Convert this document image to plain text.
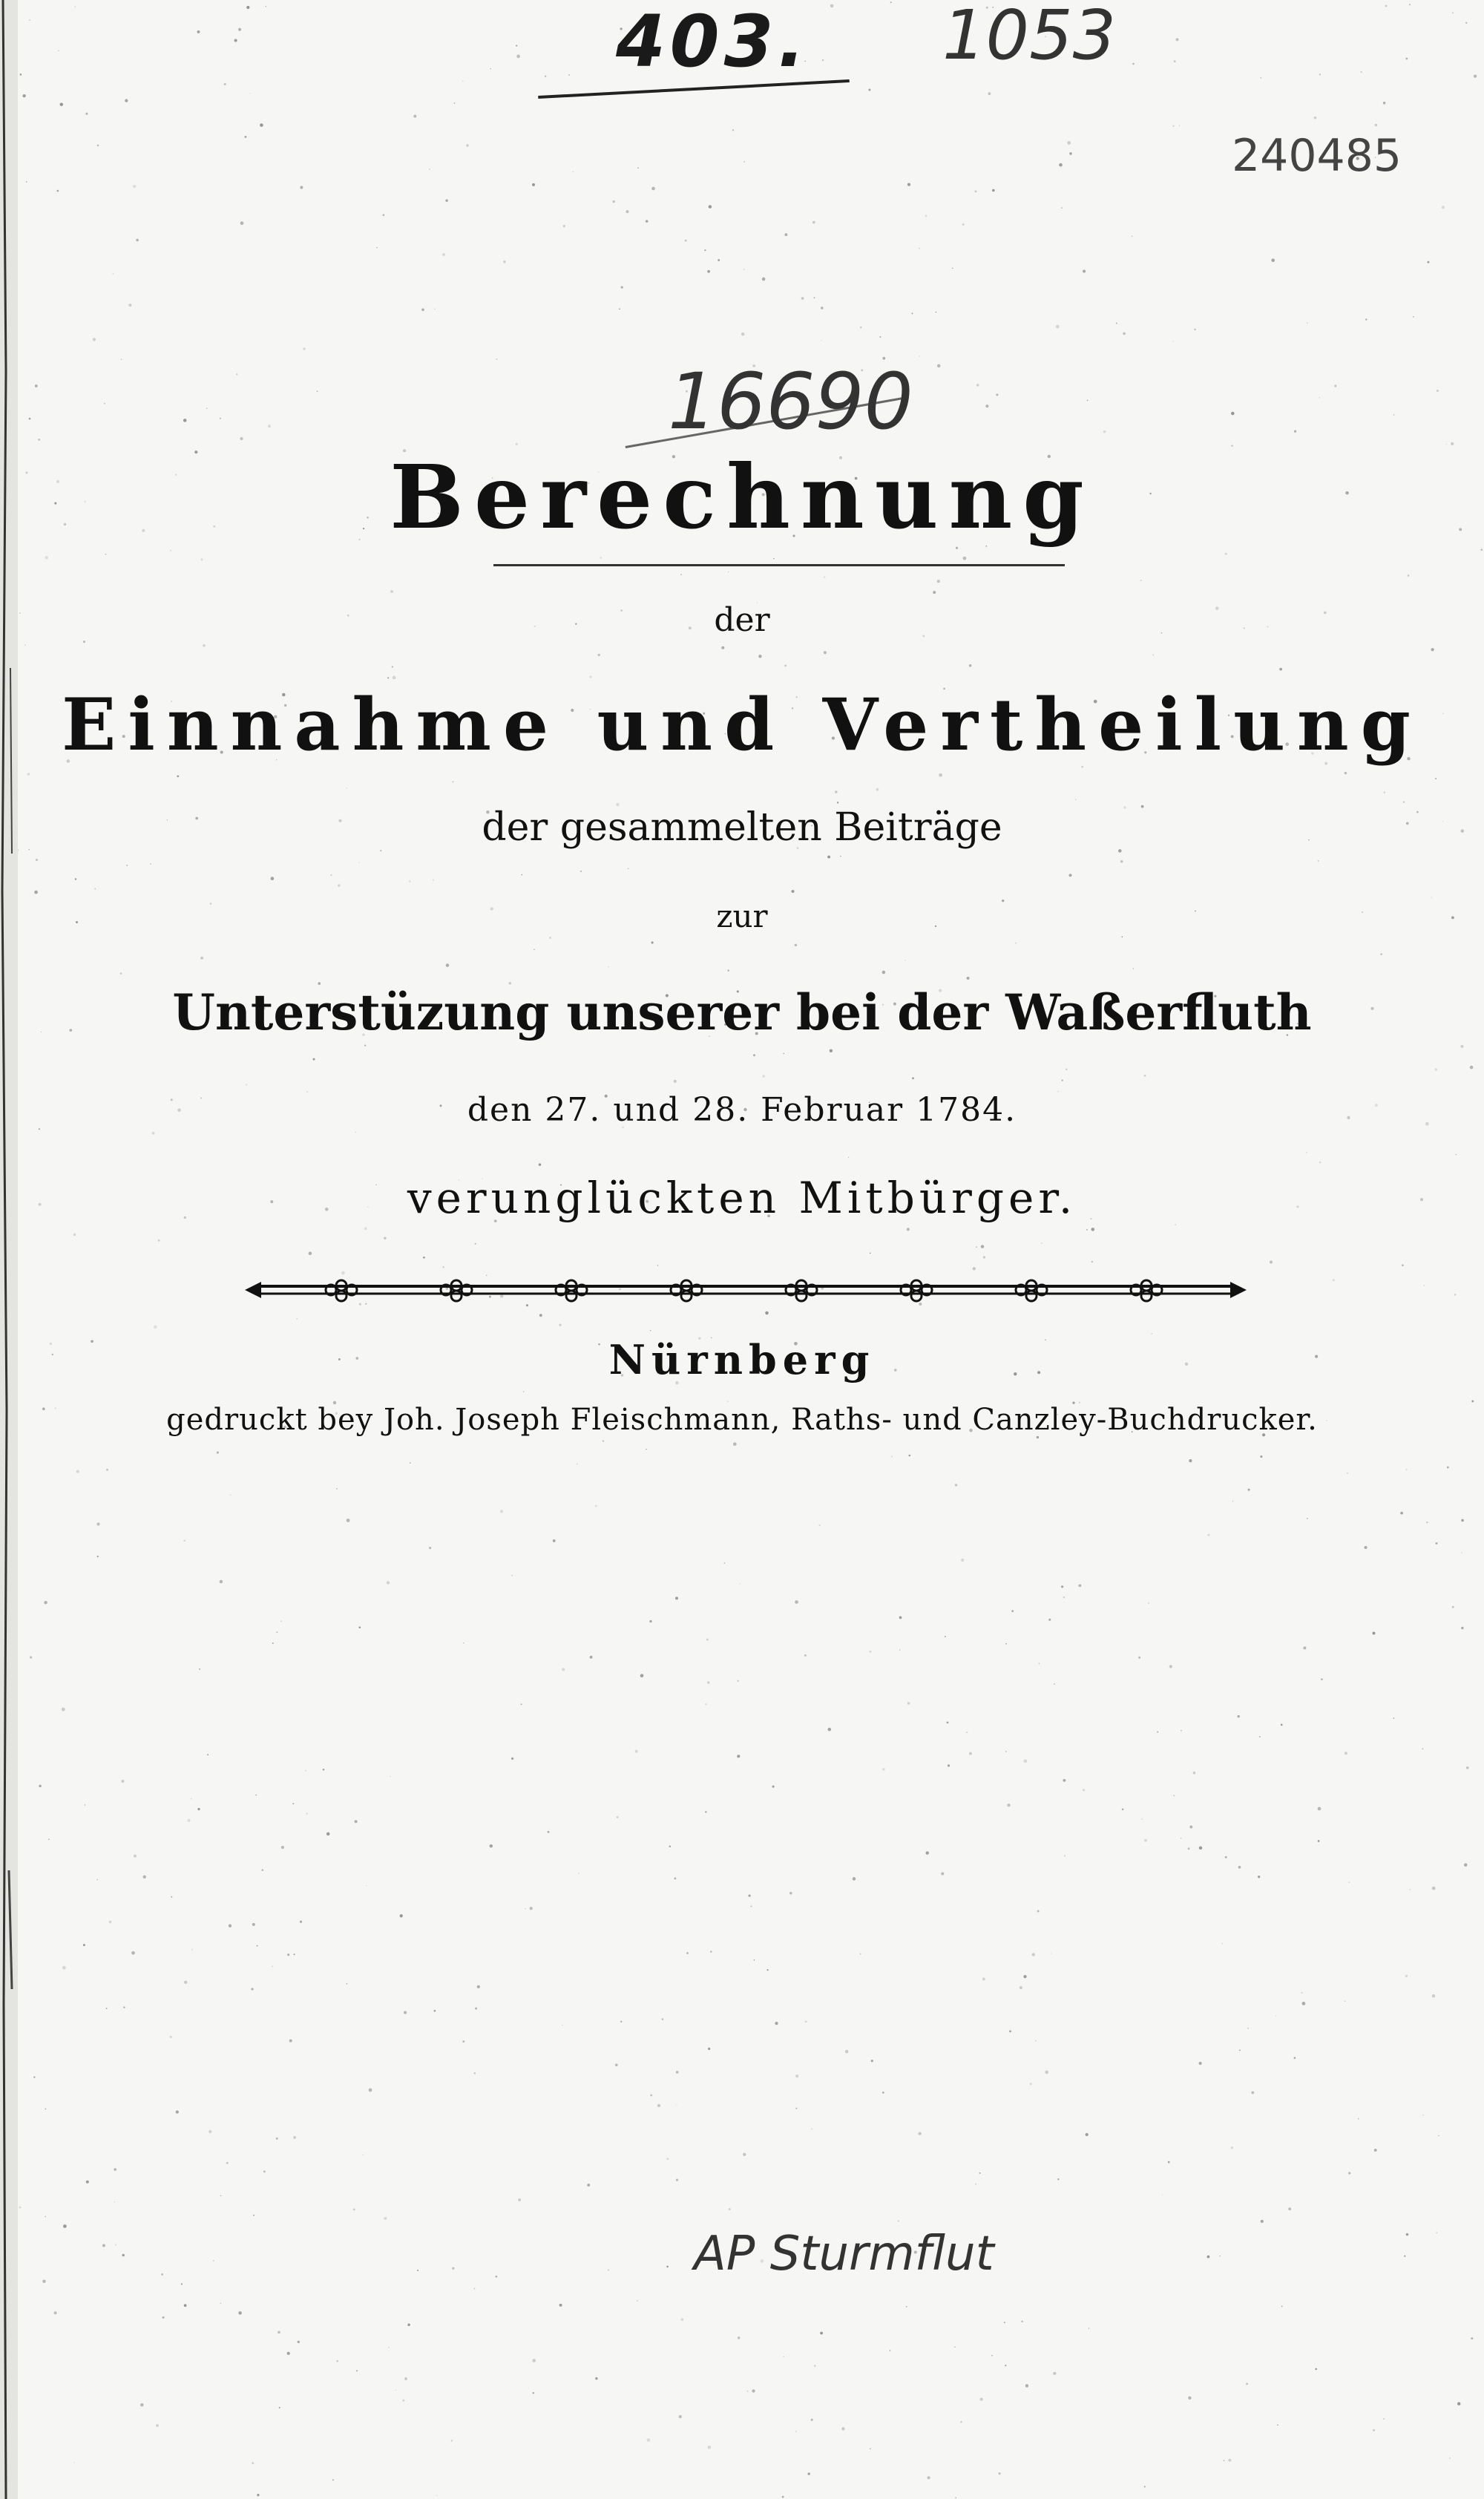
403. 1053
240485
16690
Berechnung
der
Einnahme und Vertheilung
der gesammelten Beiträge
zur
Unterstüzung unserer bei der Waßerfluth
den 27. und 28. Februar 1784.
verunglückten Mitbürger.
Nürnberg
gedruckt bey Joh. Joseph Fleischmann, Raths- und Canzley-Buchdrucker.
AP Sturmflut
